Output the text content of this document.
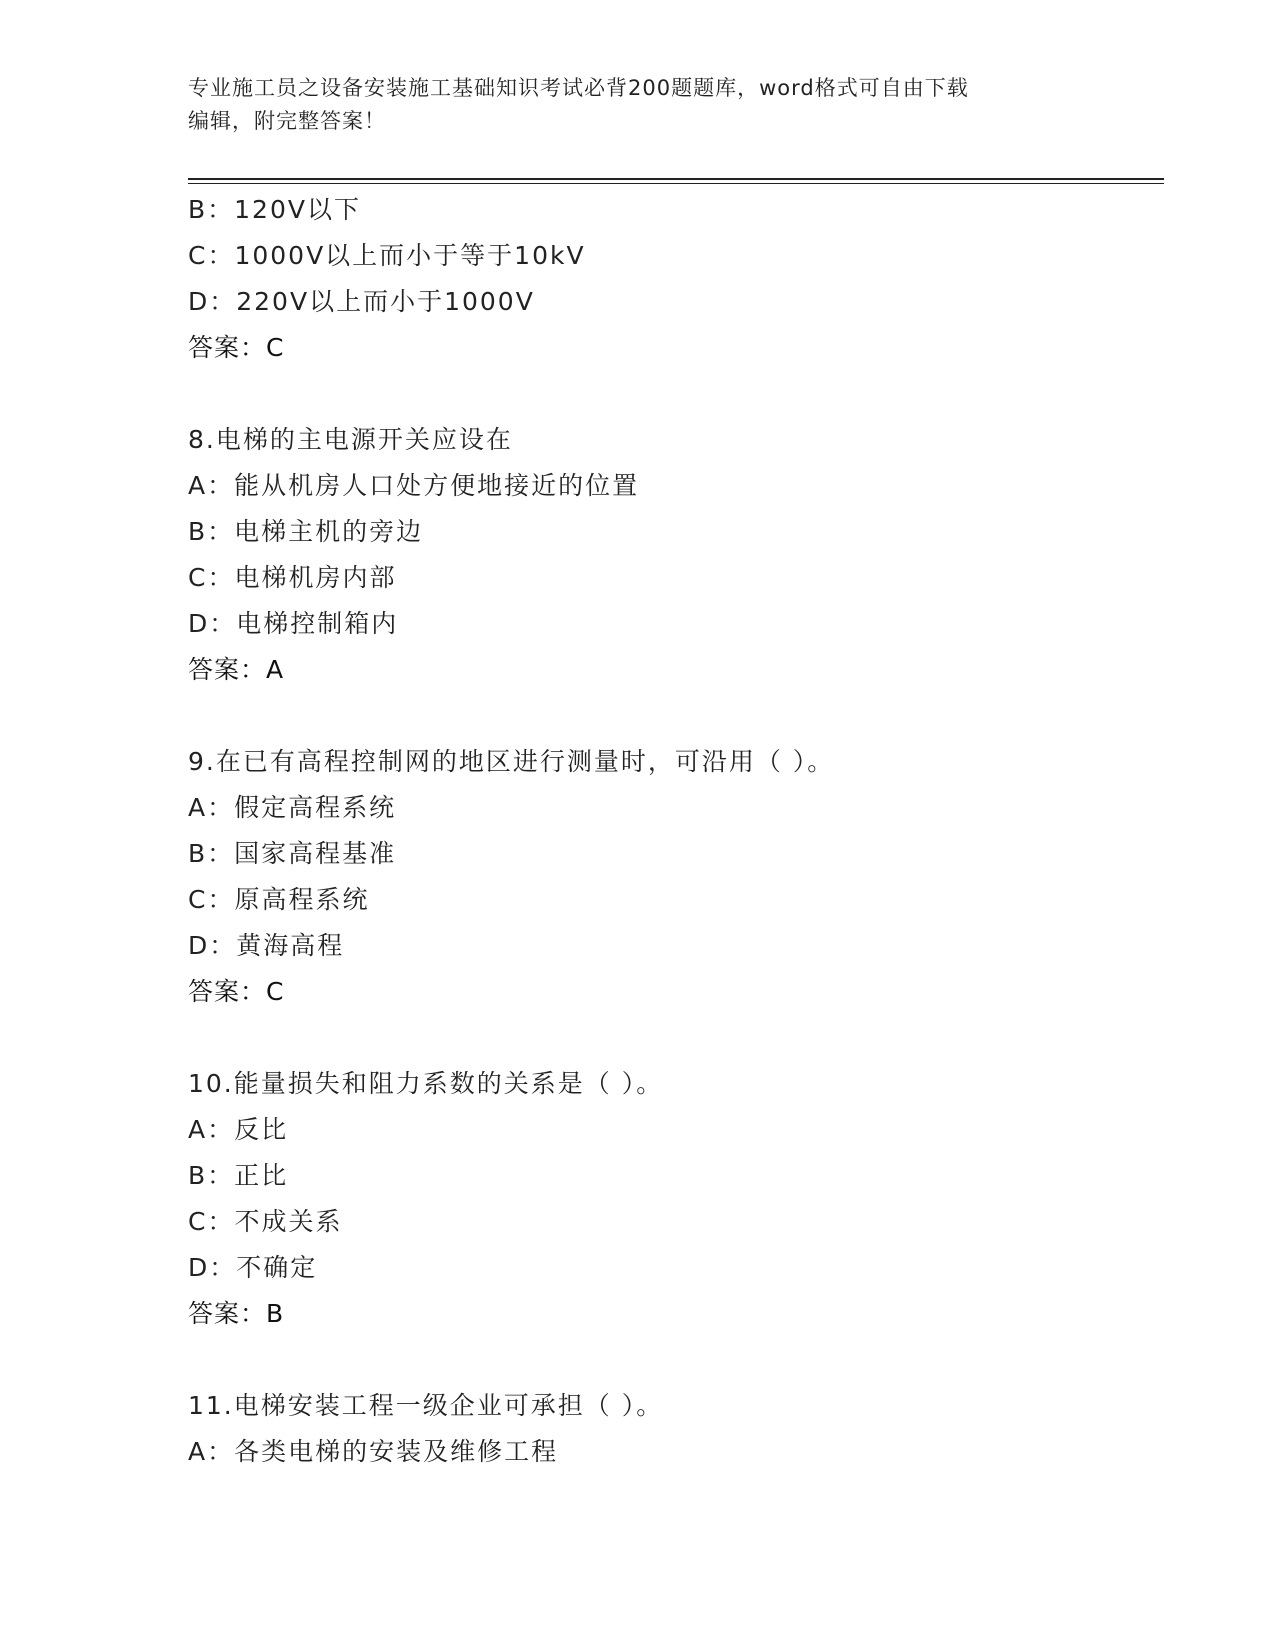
专业施工员之设备安装施工基础知识考试必背200题题库，word格式可自由下载
编辑，附完整答案！
B：120V以下
C：1000V以上而小于等于10kV
D：220V以上而小于1000V
答案：C
8.电梯的主电源开关应设在
A：能从机房人口处方便地接近的位置
B：电梯主机的旁边
C：电梯机房内部
D：电梯控制箱内
答案：A
9.在已有高程控制网的地区进行测量时，可沿用（ ）。
A：假定高程系统
B：国家高程基准
C：原高程系统
D：黄海高程
答案：C
10.能量损失和阻力系数的关系是（ ）。
A：反比
B：正比
C：不成关系
D：不确定
答案：B
11.电梯安装工程一级企业可承担（ ）。
A：各类电梯的安装及维修工程
